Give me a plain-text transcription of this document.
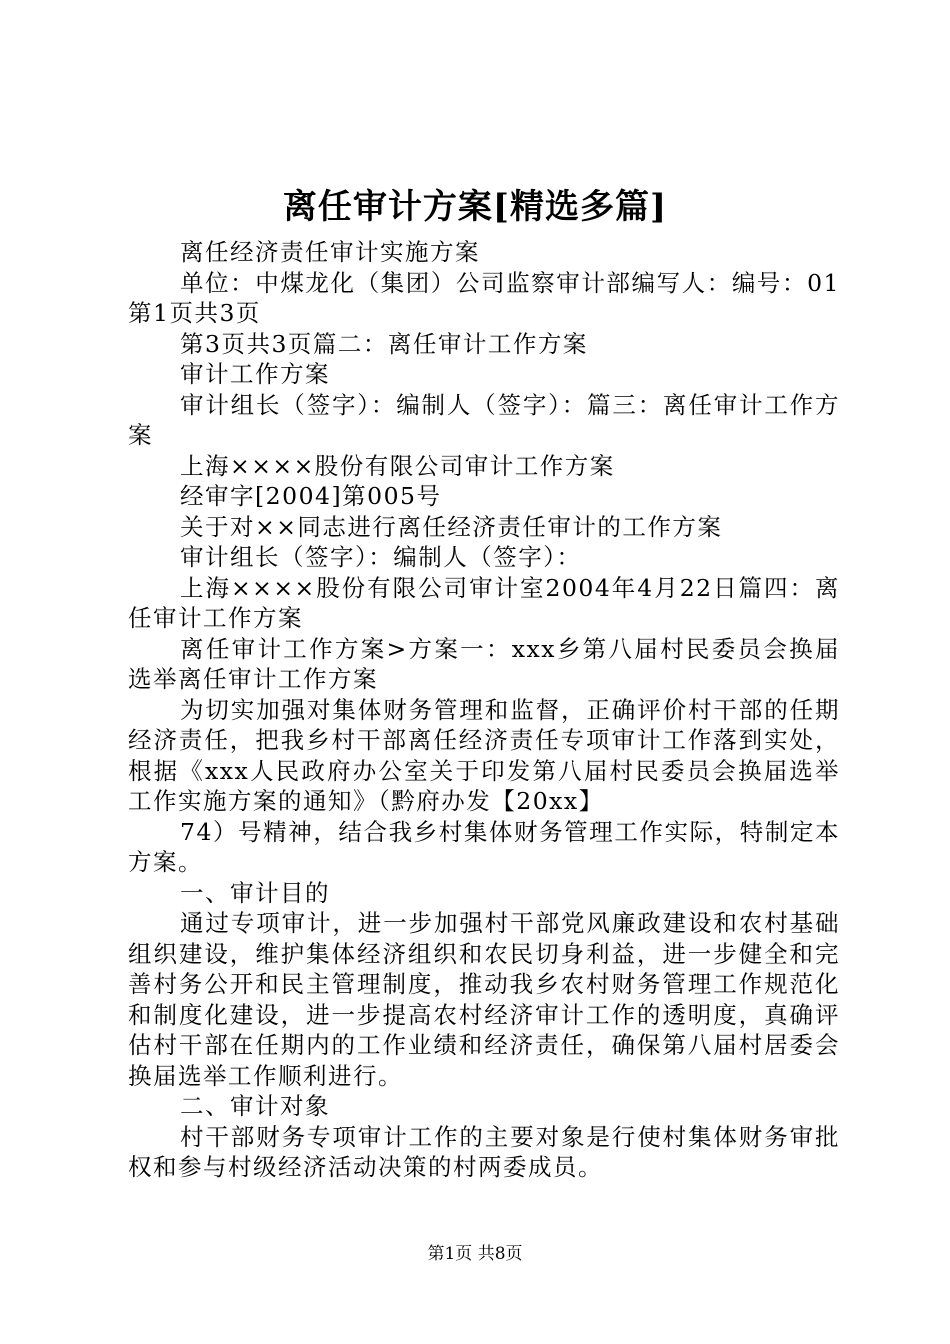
离任审计方案[精选多篇]

离任经济责任审计实施方案

单位：中煤龙化（集团）公司监察审计部编写人：编号：01第1页共3页

第3页共3页篇二：离任审计工作方案

审计工作方案

审计组长（签字）：编制人（签字）：篇三：离任审计工作方案

上海××××股份有限公司审计工作方案

经审字[2004]第005号

关于对××同志进行离任经济责任审计的工作方案

审计组长（签字）：编制人（签字）：

上海××××股份有限公司审计室2004年4月22日篇四：离任审计工作方案

离任审计工作方案>方案一：xxx乡第八届村民委员会换届选举离任审计工作方案

为切实加强对集体财务管理和监督，正确评价村干部的任期经济责任，把我乡村干部离任经济责任专项审计工作落到实处，根据《xxx人民政府办公室关于印发第八届村民委员会换届选举工作实施方案的通知》（黔府办发【20xx】

74）号精神，结合我乡村集体财务管理工作实际，特制定本方案。

一、审计目的

通过专项审计，进一步加强村干部党风廉政建设和农村基础组织建设，维护集体经济组织和农民切身利益，进一步健全和完善村务公开和民主管理制度，推动我乡农村财务管理工作规范化和制度化建设，进一步提高农村经济审计工作的透明度，真确评估村干部在任期内的工作业绩和经济责任，确保第八届村居委会换届选举工作顺利进行。

二、审计对象

村干部财务专项审计工作的主要对象是行使村集体财务审批权和参与村级经济活动决策的村两委成员。

第1页 共8页
